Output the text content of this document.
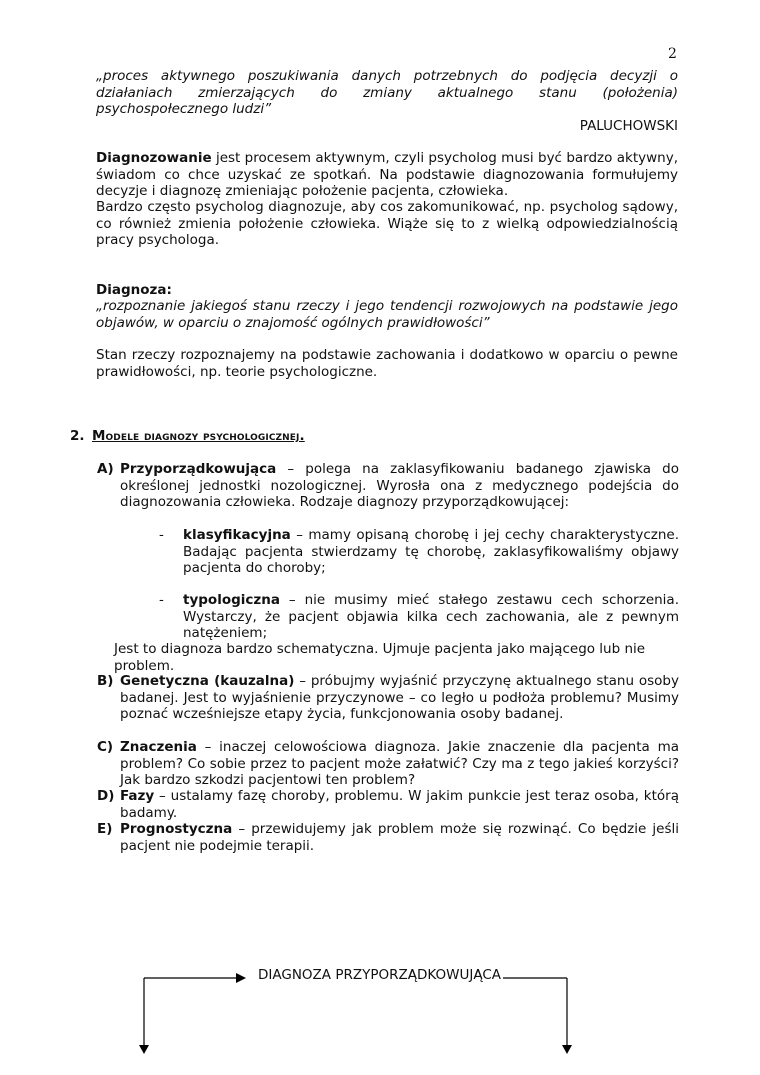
2
„proces aktywnego poszukiwania danych potrzebnych do podjęcia decyzji o działaniach zmierzających do zmiany aktualnego stanu (położenia) psychospołecznego ludzi”
PALUCHOWSKI
Diagnozowanie jest procesem aktywnym, czyli psycholog musi być bardzo aktywny, świadom co chce uzyskać ze spotkań. Na podstawie diagnozowania formułujemy decyzje i diagnozę zmieniając położenie pacjenta, człowieka.
Bardzo często psycholog diagnozuje, aby cos zakomunikować, np. psycholog sądowy, co również zmienia położenie człowieka. Wiąże się to z wielką odpowiedzialnością pracy psychologa.
Diagnoza:
„rozpoznanie jakiegoś stanu rzeczy i jego tendencji rozwojowych na podstawie jego objawów, w oparciu o znajomość ogólnych prawidłowości”
Stan rzeczy rozpoznajemy na podstawie zachowania i dodatkowo w oparciu o pewne prawidłowości, np. teorie psychologiczne.
2. Modele diagnozy psychologicznej.
A) Przyporządkowująca – polega na zaklasyfikowaniu badanego zjawiska do określonej jednostki nozologicznej. Wyrosła ona z medycznego podejścia do diagnozowania człowieka. Rodzaje diagnozy przyporządkowującej:
- klasyfikacyjna – mamy opisaną chorobę i jej cechy charakterystyczne. Badając pacjenta stwierdzamy tę chorobę, zaklasyfikowaliśmy objawy pacjenta do choroby;
- typologiczna – nie musimy mieć stałego zestawu cech schorzenia. Wystarczy, że pacjent objawia kilka cech zachowania, ale z pewnym natężeniem;
Jest to diagnoza bardzo schematyczna. Ujmuje pacjenta jako mającego lub nie problem.
B) Genetyczna (kauzalna) – próbujmy wyjaśnić przyczynę aktualnego stanu osoby badanej. Jest to wyjaśnienie przyczynowe – co legło u podłoża problemu? Musimy poznać wcześniejsze etapy życia, funkcjonowania osoby badanej.
C) Znaczenia – inaczej celowościowa diagnoza. Jakie znaczenie dla pacjenta ma problem? Co sobie przez to pacjent może załatwić? Czy ma z tego jakieś korzyści? Jak bardzo szkodzi pacjentowi ten problem?
D) Fazy – ustalamy fazę choroby, problemu. W jakim punkcie jest teraz osoba, którą badamy.
E) Prognostyczna – przewidujemy jak problem może się rozwinąć. Co będzie jeśli pacjent nie podejmie terapii.
DIAGNOZA PRZYPORZĄDKOWUJĄCA
